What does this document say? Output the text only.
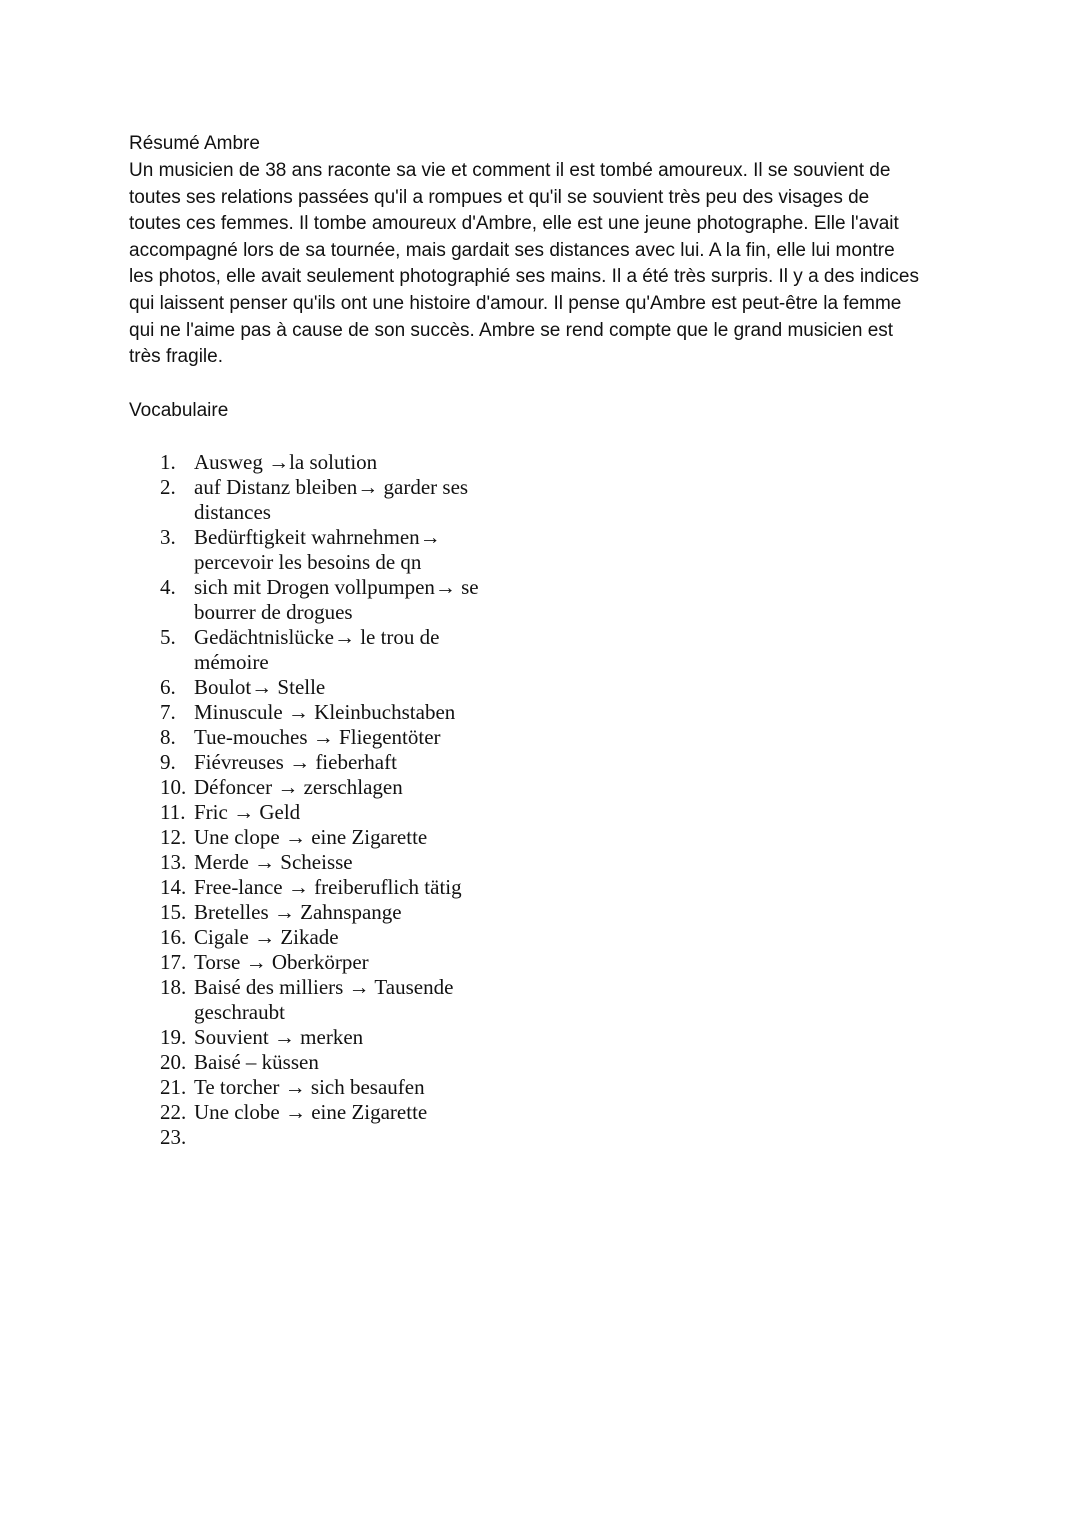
Résumé Ambre
Un musicien de 38 ans raconte sa vie et comment il est tombé amoureux. Il se souvient de
toutes ses relations passées qu'il a rompues et qu'il se souvient très peu des visages de
toutes ces femmes. Il tombe amoureux d'Ambre, elle est une jeune photographe. Elle l'avait
accompagné lors de sa tournée, mais gardait ses distances avec lui. A la fin, elle lui montre
les photos, elle avait seulement photographié ses mains. Il a été très surpris. Il y a des indices
qui laissent penser qu'ils ont une histoire d'amour. Il pense qu'Ambre est peut-être la femme
qui ne l'aime pas à cause de son succès. Ambre se rend compte que le grand musicien est
très fragile.
Vocabulaire
1. Ausweg →la solution
2. auf Distanz bleiben→ garder ses
distances
3. Bedürftigkeit wahrnehmen→
percevoir les besoins de qn
4. sich mit Drogen vollpumpen→ se
bourrer de drogues
5. Gedächtnislücke→ le trou de
mémoire
6. Boulot→ Stelle
7. Minuscule → Kleinbuchstaben
8. Tue-mouches → Fliegentöter
9. Fiévreuses → fieberhaft
10. Défoncer → zerschlagen
11. Fric → Geld
12. Une clope → eine Zigarette
13. Merde → Scheisse
14. Free-lance → freiberuflich tätig
15. Bretelles → Zahnspange
16. Cigale → Zikade
17. Torse → Oberkörper
18. Baisé des milliers → Tausende
geschraubt
19. Souvient → merken
20. Baisé – küssen
21. Te torcher → sich besaufen
22. Une clobe → eine Zigarette
23.
